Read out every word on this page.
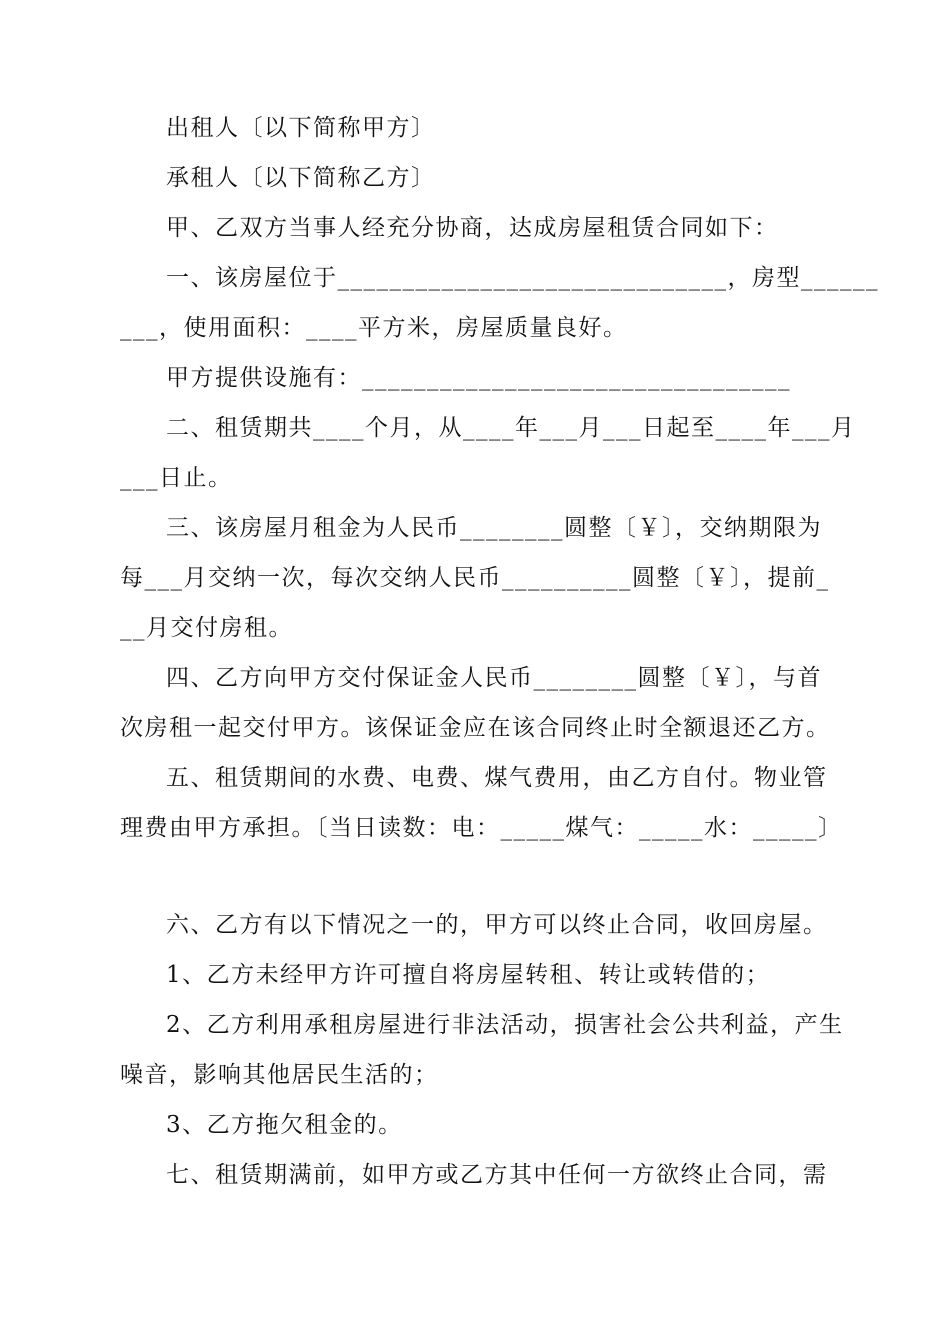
出租人〔以下简称甲方〕
承租人〔以下简称乙方〕
甲、乙双方当事人经充分协商，达成房屋租赁合同如下：
一、该房屋位于______________________________，房型______
___，使用面积：____平方米，房屋质量良好。
甲方提供设施有：_________________________________
二、租赁期共____个月，从____年___月___日起至____年___月
___日止。
三、该房屋月租金为人民币________圆整〔￥〕，交纳期限为
每___月交纳一次，每次交纳人民币__________圆整〔￥〕，提前_
__月交付房租。
四、乙方向甲方交付保证金人民币________圆整〔￥〕，与首
次房租一起交付甲方。该保证金应在该合同终止时全额退还乙方。
五、租赁期间的水费、电费、煤气费用，由乙方自付。物业管
理费由甲方承担。〔当日读数：电：_____煤气：_____水：_____〕
六、乙方有以下情况之一的，甲方可以终止合同，收回房屋。
1、乙方未经甲方许可擅自将房屋转租、转让或转借的；
2、乙方利用承租房屋进行非法活动，损害社会公共利益，产生
噪音，影响其他居民生活的；
3、乙方拖欠租金的。
七、租赁期满前，如甲方或乙方其中任何一方欲终止合同，需
